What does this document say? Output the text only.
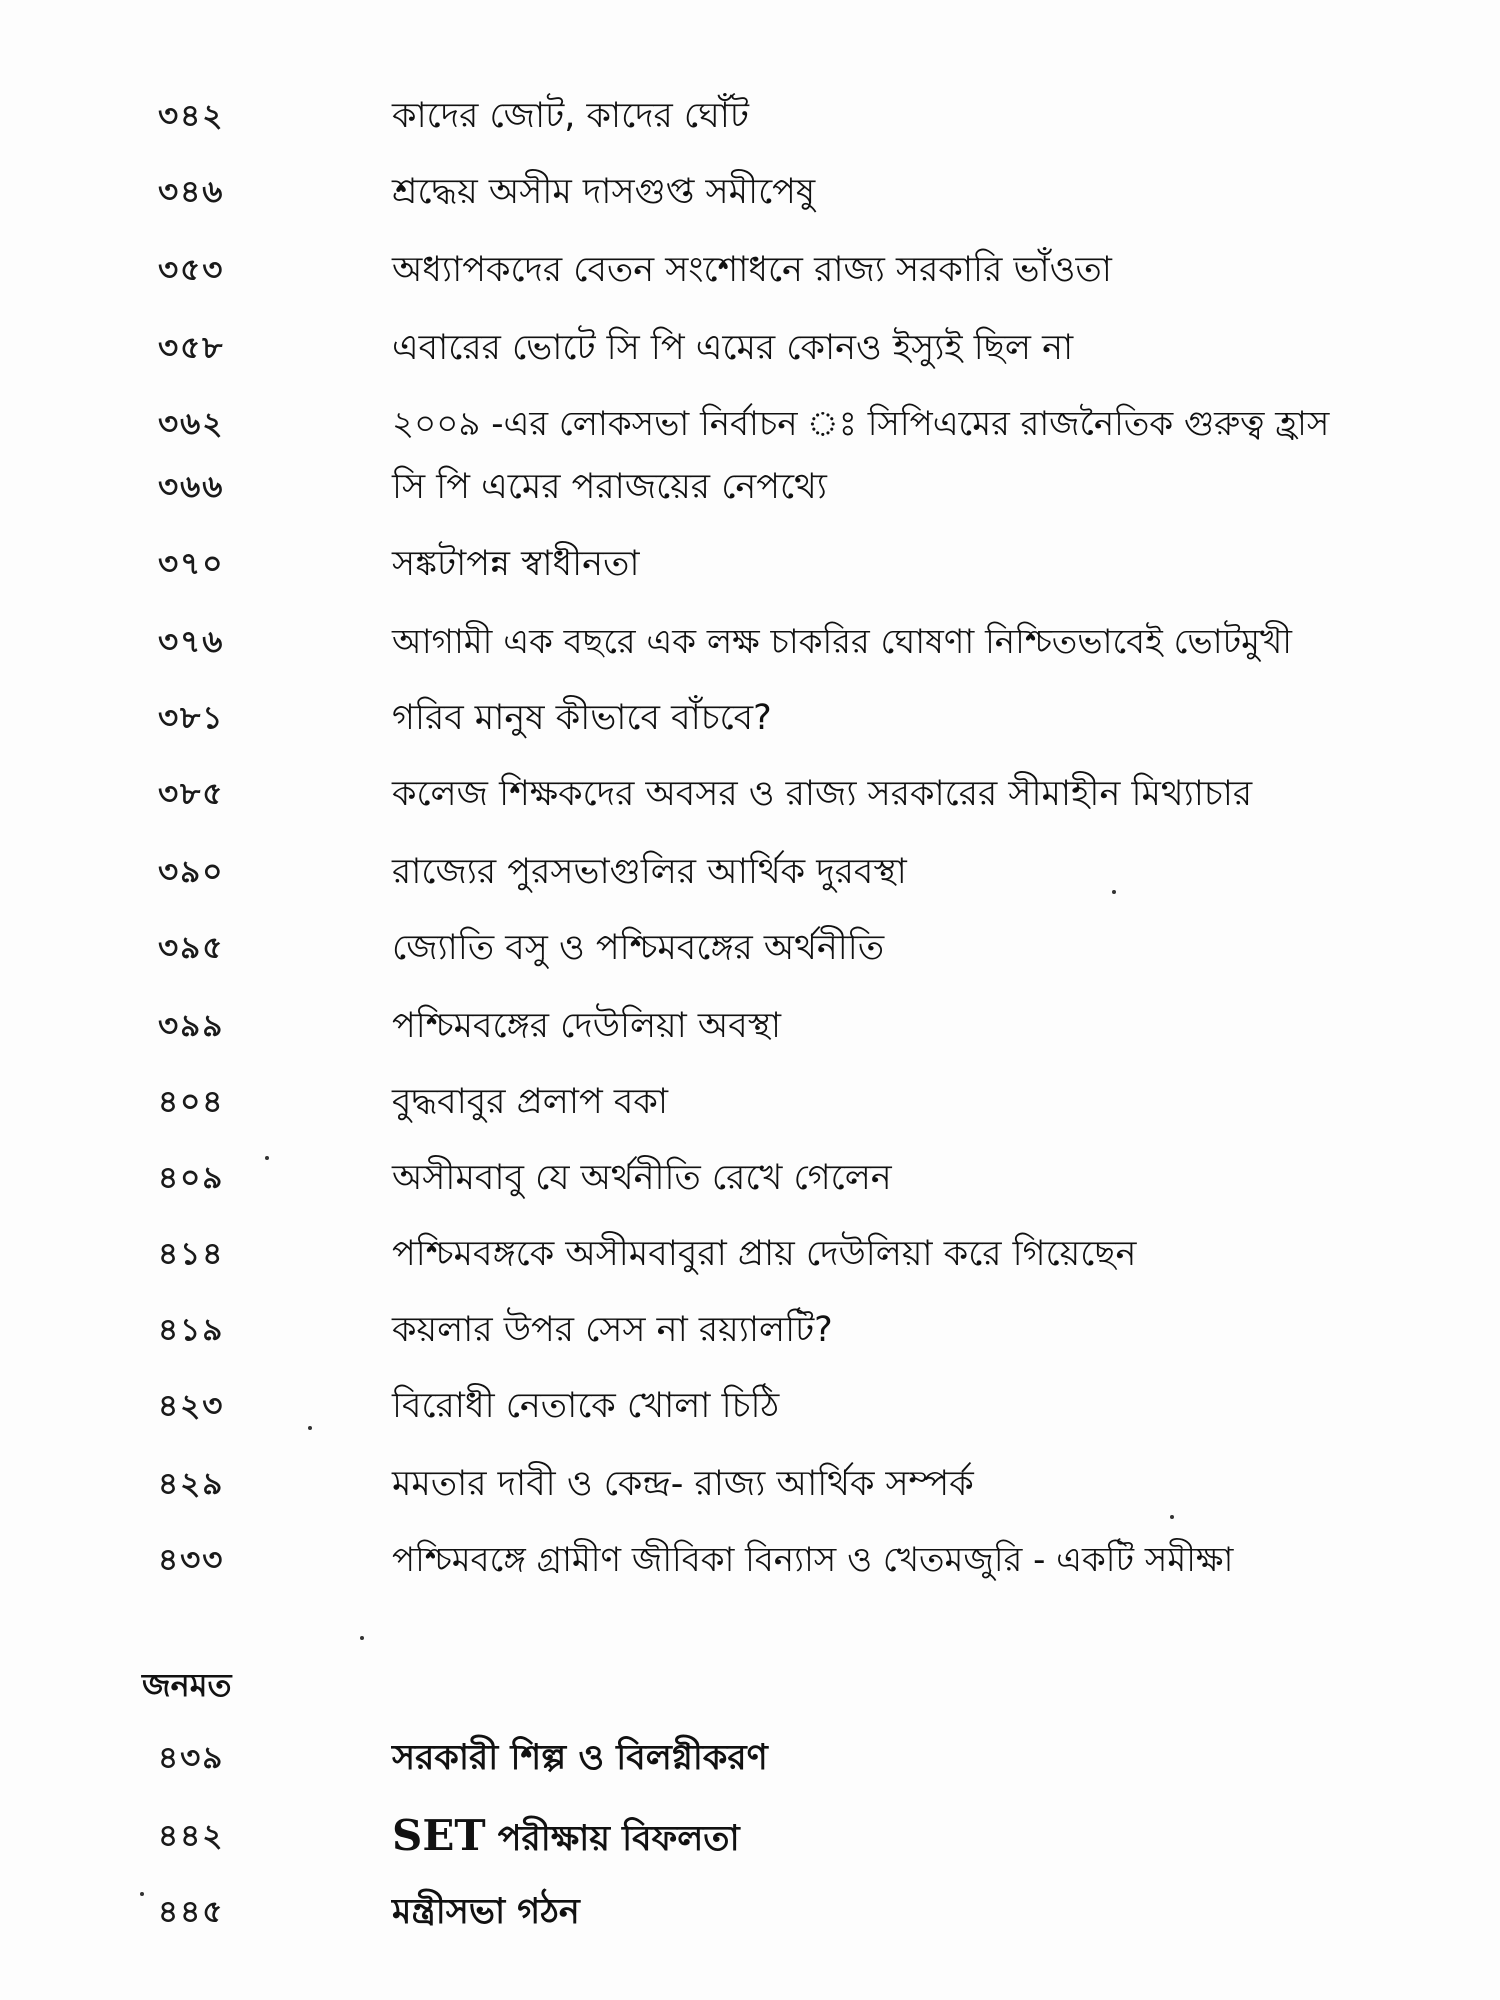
৩৪২	কাদের জোট, কাদের ঘোঁট
৩৪৬	শ্রদ্ধেয় অসীম দাসগুপ্ত সমীপেষু
৩৫৩	অধ্যাপকদের বেতন সংশোধনে রাজ্য সরকারি ভাঁওতা
৩৫৮	এবারের ভোটে সি পি এমের কোনও ইস্যুই ছিল না
৩৬২	২০০৯ -এর লোকসভা নির্বাচন ঃ সিপিএমের রাজনৈতিক গুরুত্ব হ্রাস
৩৬৬	সি পি এমের পরাজয়ের নেপথ্যে
৩৭০	সঙ্কটাপন্ন স্বাধীনতা
৩৭৬	আগামী এক বছরে এক লক্ষ চাকরির ঘোষণা নিশ্চিতভাবেই ভোটমুখী
৩৮১	গরিব মানুষ কীভাবে বাঁচবে?
৩৮৫	কলেজ শিক্ষকদের অবসর ও রাজ্য সরকারের সীমাহীন মিথ্যাচার
৩৯০	রাজ্যের পুরসভাগুলির আর্থিক দুরবস্থা
৩৯৫	জ্যোতি বসু ও পশ্চিমবঙ্গের অর্থনীতি
৩৯৯	পশ্চিমবঙ্গের দেউলিয়া অবস্থা
৪০৪	বুদ্ধবাবুর প্রলাপ বকা
৪০৯	অসীমবাবু যে অর্থনীতি রেখে গেলেন
৪১৪	পশ্চিমবঙ্গকে অসীমবাবুরা প্রায় দেউলিয়া করে গিয়েছেন
৪১৯	কয়লার উপর সেস না রয়্যালটি?
৪২৩	বিরোধী নেতাকে খোলা চিঠি
৪২৯	মমতার দাবী ও কেন্দ্র- রাজ্য আর্থিক সম্পর্ক
৪৩৩	পশ্চিমবঙ্গে গ্রামীণ জীবিকা বিন্যাস ও খেতমজুরি - একটি সমীক্ষা
জনমত
৪৩৯	সরকারী শিল্প ও বিলগ্নীকরণ
৪৪২	SET পরীক্ষায় বিফলতা
৪৪৫	মন্ত্রীসভা গঠন
